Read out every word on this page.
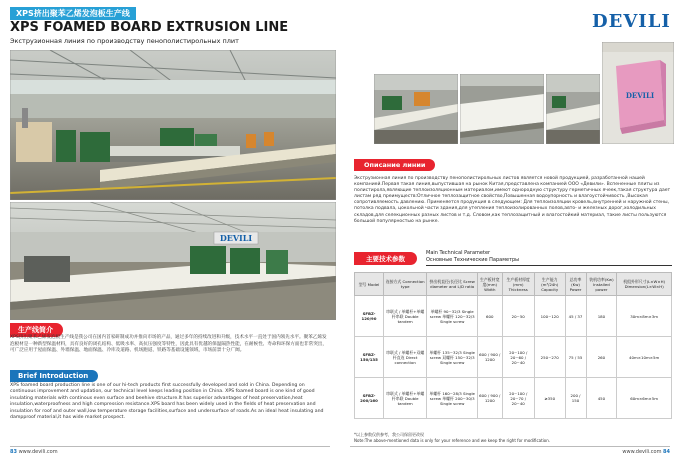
XPS挤出聚苯乙烯发泡板生产线
XPS FOAMED BOARD EXTRUSION LINE
Экструзионная линия по производству пенополистирольных плит
DEVILI
生产线简介
XPS挤出聚苯乙烯发泡板生产线是我公司在国内首家研制成功并推向市场的产品，通过多年的持续改进和升级，技术水平一直处于国内领先水平。聚苯乙烯发泡板材是一种新型保温材料，具有良好的闭孔结构、低吸水率、高抗压强度等特性，因此具有优越的保温隔热性能，在耐候性、寿命和环保方面也非常突出，可广泛应用于屋面保温、外墙保温、地面保温、冷库及道路、机场跑道、铁路等基础设施领域，市场前景十分广阔。
Brief Introduction
XPS foamed board production line is one of our hi-tech products first successfully developed and sold in China. Depending on continuous improvement and updation, our technical level keeps leading position in China. XPS foamed board is one kind of good insulating materials with continous even surface and beehive structure.It has superior advantages of heat preservation,heat insulation,waterproofness and high compression resistance.XPS board has been widely used in the fields of heat preservation and insulation for roof and outer wall,low temperature storage facilities,surface and undersurface of roads.As an ideal heat insulating and dampproof material,it has wide market prospect.
83 www.devili.com
DEVILI
DEVILI
Описание линии
Экструзионная линия по производству пенополистирольных листов является новой продукцией, разработанной нашей компанией.Первая такая линия,выпустившая на рынок Китая,представлена компанией ООО «Девили». Вспененные плиты из полистирола,являющие теплоизоляционным материалом,имеют однородную структуру герметичных ячеек,такая структура дает листам ряд преимуществ:Отличное теплозащитное свойство,Повышенная водоупорность и влагоустойчивость ,Высокая сопротивляемость давлению. Применяется продукция в следующем: Для теплоизоляции кровель,внутренней и наружной стены, потолка подвала, цокольной части здания,для утепления теплоизолированных полов,авто- и железных дорог,холодильных складов,для селекционных разных листов и т.д. Словом,как теплозащитный и влагостойкий материал, такие листы пользуются большой популярностью на рынке.
主要技术参数
Main Technical Parameter
Основные Технические Параметры
型号 Model	连接方式 Connection type	挤出机直径/长径比 Screw diameter and L/D ratio	生产板材宽度(mm) Width	生产板材厚度(mm) Thickness	生产能力(m³/24h) Capacity	总功率(Kw) Power	装机功率(Kw) Installed power	机组外形尺寸(L×W×H) Dimension(L×W×H)
SFBZ-120/90	串联式 / 单螺杆+单螺杆串联 Double tandem	单螺杆 90~32/3 Single screw 单螺杆 120~32/3 Single screw	600	20~50	100~120	45 / 37	180	30m×8m×3m
SFBZ-150/135	串联式 / 单螺杆+双螺杆直连 Direct connection	单螺杆 135~32/3 Single screw 双螺杆 150~32/3 Single screw	600 / 900 / 1200	20~100 / 20~60 / 20~40	250~270	75 / 55	260	40m×10m×5m
SFBZ-200/160	串联式 / 单螺杆+单螺杆串联 Double tandem	单螺杆 160~28/3 Single screw 单螺杆 200~30/3 Single screw	600 / 900 / 1200	20~100 / 20~70 / 20~40	≥350	200 / 150	450	60m×6m×5m
*以上参数仅供参考，我公司保留更改权
Note:The above-mentioned data is only for your reference and we keep the right for modification.
www.devili.com 84
